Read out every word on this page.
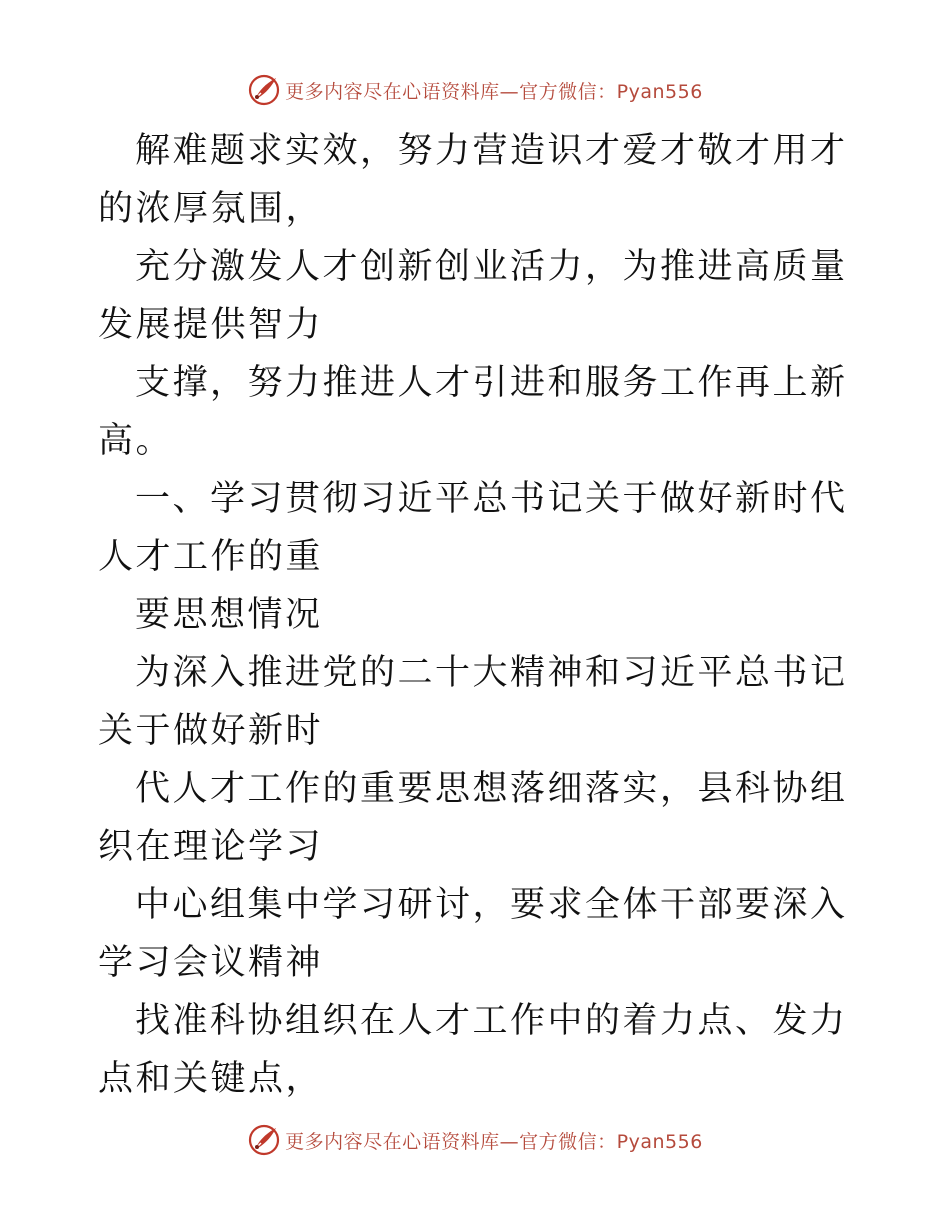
更多内容尽在心语资料库—官方微信：Pyan556

解难题求实效，努力营造识才爱才敬才用才的浓厚氛围，

充分激发人才创新创业活力，为推进高质量发展提供智力

支撑，努力推进人才引进和服务工作再上新高。

一、学习贯彻习近平总书记关于做好新时代人才工作的重

要思想情况

为深入推进党的二十大精神和习近平总书记关于做好新时

代人才工作的重要思想落细落实，县科协组织在理论学习

中心组集中学习研讨，要求全体干部要深入学习会议精神

找准科协组织在人才工作中的着力点、发力点和关键点，

更多内容尽在心语资料库—官方微信：Pyan556
